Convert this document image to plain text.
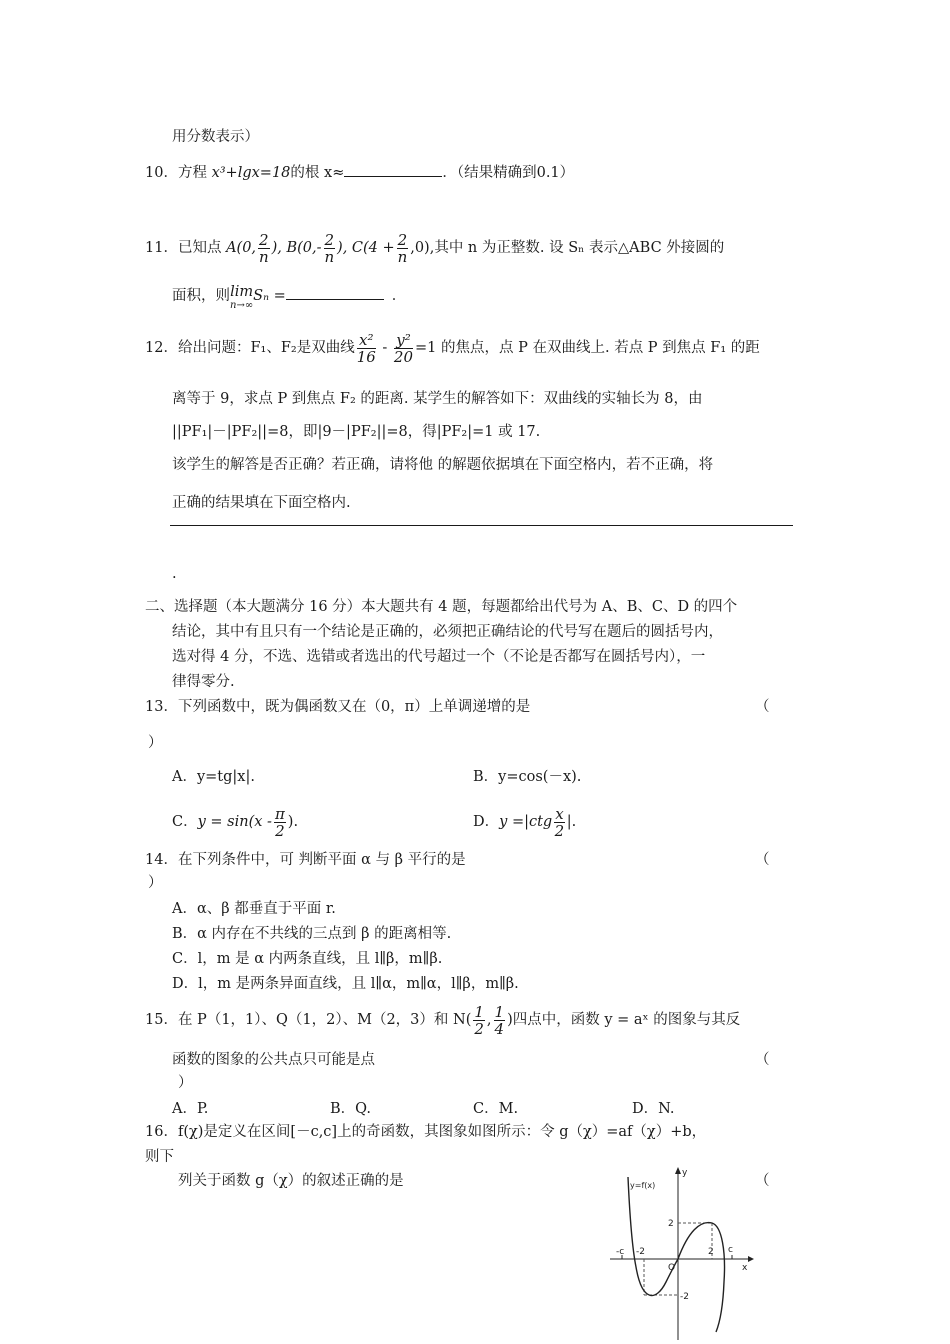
用分数表示）
10．方程 x³+lgx=18的根 x≈	．（结果精确到0.1）
11．已知点 A(0, $\frac{2}{n}$ ), $B(0,- \frac{2}{n}$ ), $C(4 + \frac{2}{n} ,0)$,其中 n 为正整数. 设 Sₙ 表示△ABC 外接圆的
面积，则 lim
n→∞
Sₙ =	．
12．给出问题：F₁、F₂是双曲线 $\frac{\text{x²}}{16} - \frac{\text{y²}}{20} =1$ 的焦点，点 P 在双曲线上. 若点 P 到焦点 F₁ 的距
离等于 9，求点 P 到焦点 F₂ 的距离. 某学生的解答如下：双曲线的实轴长为 8，由
||PF₁|－|PF₂||=8，即|9－|PF₂||=8，得|PF₂|=1 或 17.
该学生的解答是否正确？若正确，请将他 的解题依据填在下面空格内，若不正确，将
正确的结果填在下面空格内.
.
二、选择题（本大题满分 16 分）本大题共有 4 题，每题都给出代号为 A、B、C、D 的四个
结论，其中有且只有一个结论是正确的，必须把正确结论的代号写在题后的圆括号内，
选对得 4 分，不选、选错或者选出的代号超过一个（不论是否都写在圆括号内），一
律得零分.
13．下列函数中，既为偶函数又在（0，π）上单调递增的是	（
）
A．y=tg|x|.	B．y=cos(－x).
C．$y = \sin(x - \frac{\pi}{2}$ ).	D．$y =|ctg \frac{x}{2}$ |.
14．在下列条件中，可 判断平面 α 与 β 平行的是	（
）
A．α、β 都垂直于平面 r.
B．α 内存在不共线的三点到 β 的距离相等.
C．l，m 是 α 内两条直线，且 l∥β，m∥β.
D．l，m 是两条异面直线，且 l∥α，m∥α，l∥β，m∥β.
15．在 P（1，1）、Q（1，2）、M（2，3）和 $N( \frac{1}{2}$ , $\frac{1}{4}$ )四点中，函数 y = aˣ 的图象与其反
函数的图象的公共点只可能是点	（
）
A．P.	B．Q.	C．M.	D．N.
16．f(χ)是定义在区间[－c,c]上的奇函数，其图象如图所示：令 g（χ）=af（χ）+b，
则下
列关于函数 g（χ）的叙述正确的是	（
y=f(x)
y
x
O
2
-2	c
-c
2
-2
